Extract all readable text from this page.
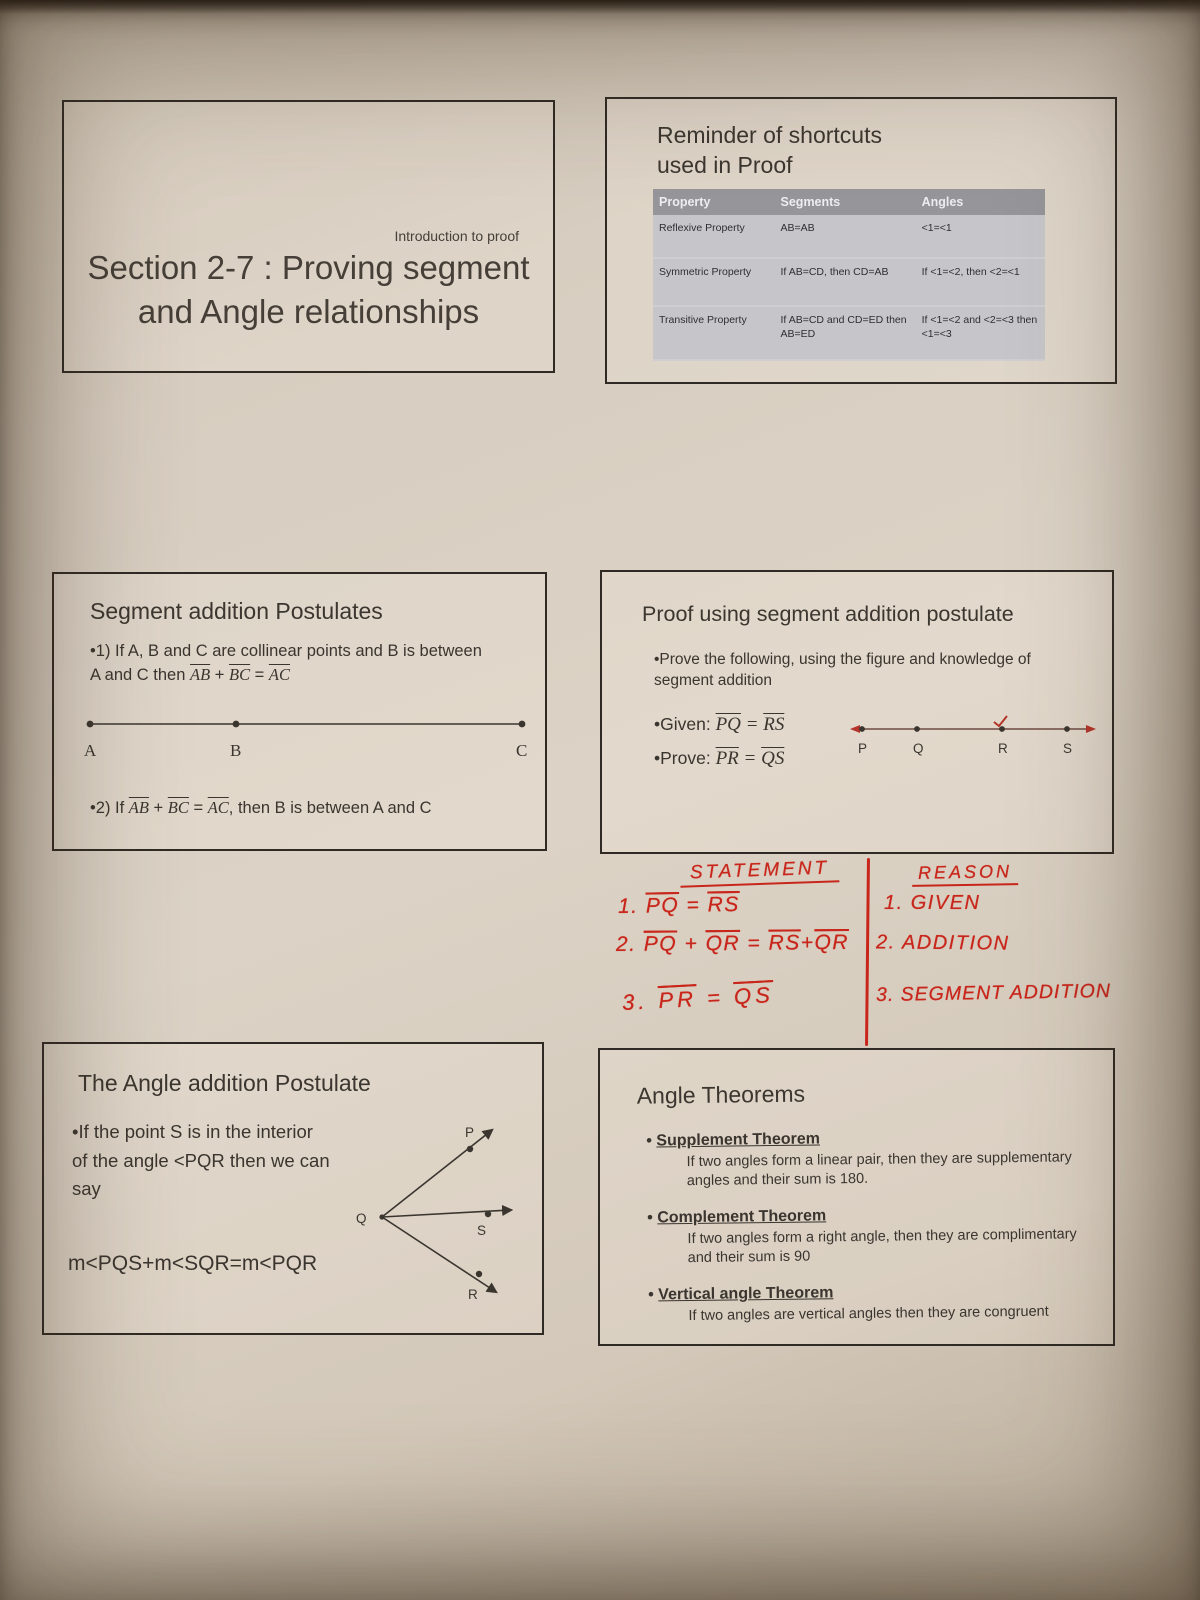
Introduction to proof
Section 2-7 : Proving segment
and Angle relationships
Reminder of shortcuts
used in Proof
Property	Segments	Angles
Reflexive Property	AB=AB	<1=<1
Symmetric Property	If AB=CD, then CD=AB	If <1=<2, then <2=<1
Transitive Property	If AB=CD and CD=ED then AB=ED	If <1=<2 and <2=<3 then <1=<3
Segment addition Postulates
•1) If A, B and C are collinear points and B is between A and C then $\overline{AB} + \overline{BC} = \overline{AC}$
A	B	C
•2) If $\overline{AB} + \overline{BC} = \overline{AC}$, then B is between A and C
Proof using segment addition postulate
•Prove the following, using the figure and knowledge of segment addition
•Given: $\overline{PQ} = \overline{RS}$
•Prove: $\overline{PR} = \overline{QS}$	P	Q	R	S
STATEMENT	REASON
1. $\overline{PQ} = \overline{RS}$	1. GIVEN
2. $\overline{PQ} + \overline{QR} = \overline{RS}+\overline{QR}$ 2. ADDITION
3. $\overline{PR} = \overline{QS}$	3. SEGMENT ADDITION
The Angle addition Postulate
•If the point S is in the interior of the angle <PQR then we can say
m<PQS+m<SQR=m<PQR
P
Q
S
R
Angle Theorems
• Supplement Theorem
If two angles form a linear pair, then they are supplementary angles and their sum is 180.
• Complement Theorem
If two angles form a right angle, then they are complimentary and their sum is 90
• Vertical angle Theorem
If two angles are vertical angles then they are congruent
